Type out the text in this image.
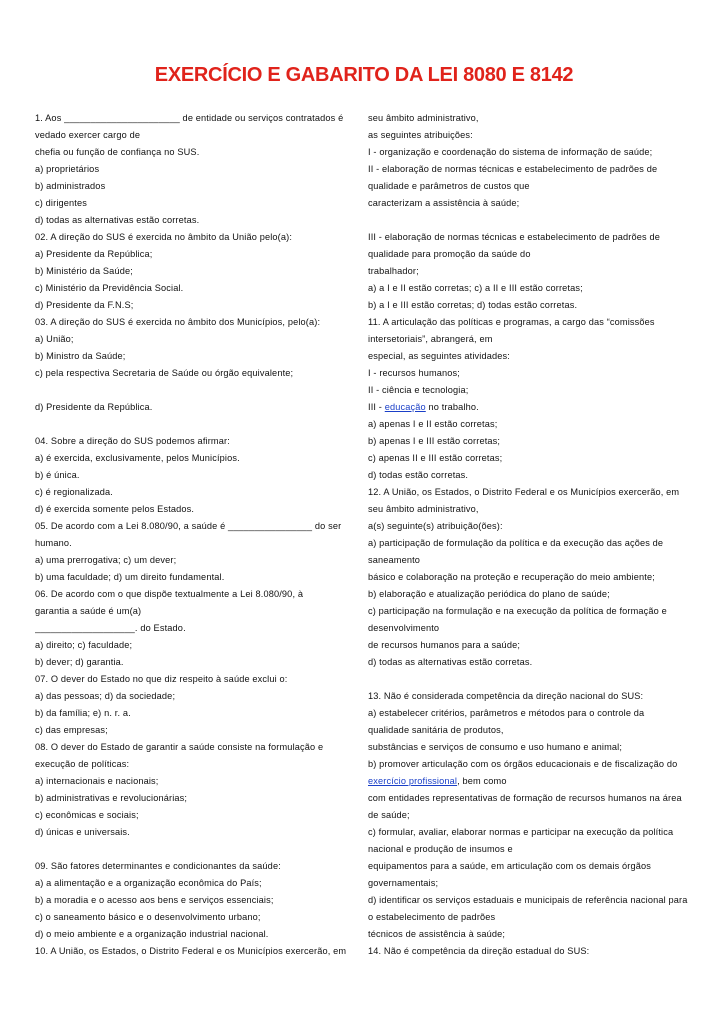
EXERCÍCIO E GABARITO DA LEI 8080 E 8142
1. Aos ______________________ de entidade ou serviços contratados é
vedado exercer cargo de
chefia ou função de confiança no SUS.
a) proprietários
b) administrados
c) dirigentes
d) todas as alternativas estão corretas.
02. A direção do SUS é exercida no âmbito da União pelo(a):
a) Presidente da República;
b) Ministério da Saúde;
c) Ministério da Previdência Social.
d) Presidente da F.N.S;
03. A direção do SUS é exercida no âmbito dos Municípios, pelo(a):
a) União;
b) Ministro da Saúde;
c) pela respectiva Secretaria de Saúde ou órgão equivalente;
d) Presidente da República.
04. Sobre a direção do SUS podemos afirmar:
a) é exercida, exclusivamente, pelos Municípios.
b) é única.
c) é regionalizada.
d) é exercida somente pelos Estados.
05. De acordo com a Lei 8.080/90, a saúde é ________________ do ser
humano.
a) uma prerrogativa; c) um dever;
b) uma faculdade; d) um direito fundamental.
06. De acordo com o que dispõe textualmente a Lei 8.080/90, à
garantia a saúde é um(a)
___________________. do Estado.
a) direito; c) faculdade;
b) dever; d) garantia.
07. O dever do Estado no que diz respeito à saúde exclui o:
a) das pessoas; d) da sociedade;
b) da família; e) n. r. a.
c) das empresas;
08. O dever do Estado de garantir a saúde consiste na formulação e
execução de políticas:
a) internacionais e nacionais;
b) administrativas e revolucionárias;
c) econômicas e sociais;
d) únicas e universais.
09. São fatores determinantes e condicionantes da saúde:
a) a alimentação e a organização econômica do País;
b) a moradia e o acesso aos bens e serviços essenciais;
c) o saneamento básico e o desenvolvimento urbano;
d) o meio ambiente e a organização industrial nacional.
10. A União, os Estados, o Distrito Federal e os Municípios exercerão, em
seu âmbito administrativo,
as seguintes atribuições:
I - organização e coordenação do sistema de informação de saúde;
II - elaboração de normas técnicas e estabelecimento de padrões de
qualidade e parâmetros de custos que
caracterizam a assistência à saúde;
III - elaboração de normas técnicas e estabelecimento de padrões de
qualidade para promoção da saúde do
trabalhador;
a) a I e II estão corretas; c) a II e III estão corretas;
b) a I e III estão corretas; d) todas estão corretas.
11. A articulação das políticas e programas, a cargo das “comissões
intersetoriais”, abrangerá, em
especial, as seguintes atividades:
I - recursos humanos;
II - ciência e tecnologia;
III - educação no trabalho.
a) apenas I e II estão corretas;
b) apenas I e III estão corretas;
c) apenas II e III estão corretas;
d) todas estão corretas.
12. A União, os Estados, o Distrito Federal e os Municípios exercerão, em
seu âmbito administrativo,
a(s) seguinte(s) atribuição(ões):
a) participação de formulação da política e da execução das ações de
saneamento
básico e colaboração na proteção e recuperação do meio ambiente;
b) elaboração e atualização periódica do plano de saúde;
c) participação na formulação e na execução da política de formação e
desenvolvimento
de recursos humanos para a saúde;
d) todas as alternativas estão corretas.
13. Não é considerada competência da direção nacional do SUS:
a) estabelecer critérios, parâmetros e métodos para o controle da
qualidade sanitária de produtos,
substâncias e serviços de consumo e uso humano e animal;
b) promover articulação com os órgãos educacionais e de fiscalização do
exercício profissional, bem como
com entidades representativas de formação de recursos humanos na área
de saúde;
c) formular, avaliar, elaborar normas e participar na execução da política
nacional e produção de insumos e
equipamentos para a saúde, em articulação com os demais órgãos
governamentais;
d) identificar os serviços estaduais e municipais de referência nacional para
o estabelecimento de padrões
técnicos de assistência à saúde;
14. Não é competência da direção estadual do SUS:
